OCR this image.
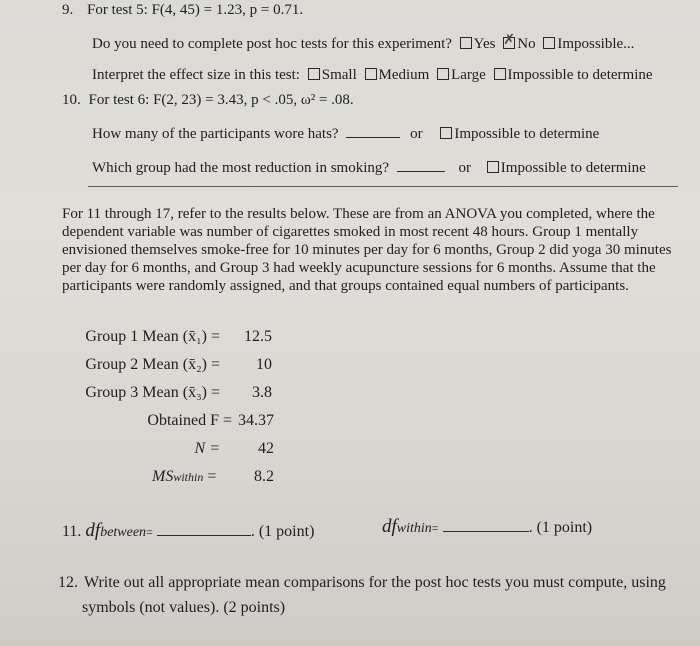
9. For test 5: F(4, 45) = 1.23, p = 0.71.
Do you need to complete post hoc tests for this experiment? Yes ✗ No Impossible...
Interpret the effect size in this test: Small Medium Large Impossible to determine
10. For test 6: F(2, 23) = 3.43, p < .05, ω² = .08.
How many of the participants wore hats?	or Impossible to determine
Which group had the most reduction in smoking?	or Impossible to determine
For 11 through 17, refer to the results below. These are from an ANOVA you completed, where the dependent variable was number of cigarettes smoked in most recent 48 hours. Group 1 mentally envisioned themselves smoke-free for 10 minutes per day for 6 months, Group 2 did yoga 30 minutes per day for 6 months, and Group 3 had weekly acupuncture sessions for 6 months. Assume that the participants were randomly assigned, and that groups contained equal numbers of participants.
Group 1 Mean (x̄₁) =	12.5
Group 2 Mean (x̄₂) =	10
Group 3 Mean (x̄₃) =	3.8
Obtained F = 34.37
N =	42
MSwithin =	8.2
11. dfbetween=	. (1 point)	dfwithin=	. (1 point)
12. Write out all appropriate mean comparisons for the post hoc tests you must compute, using
symbols (not values). (2 points)
